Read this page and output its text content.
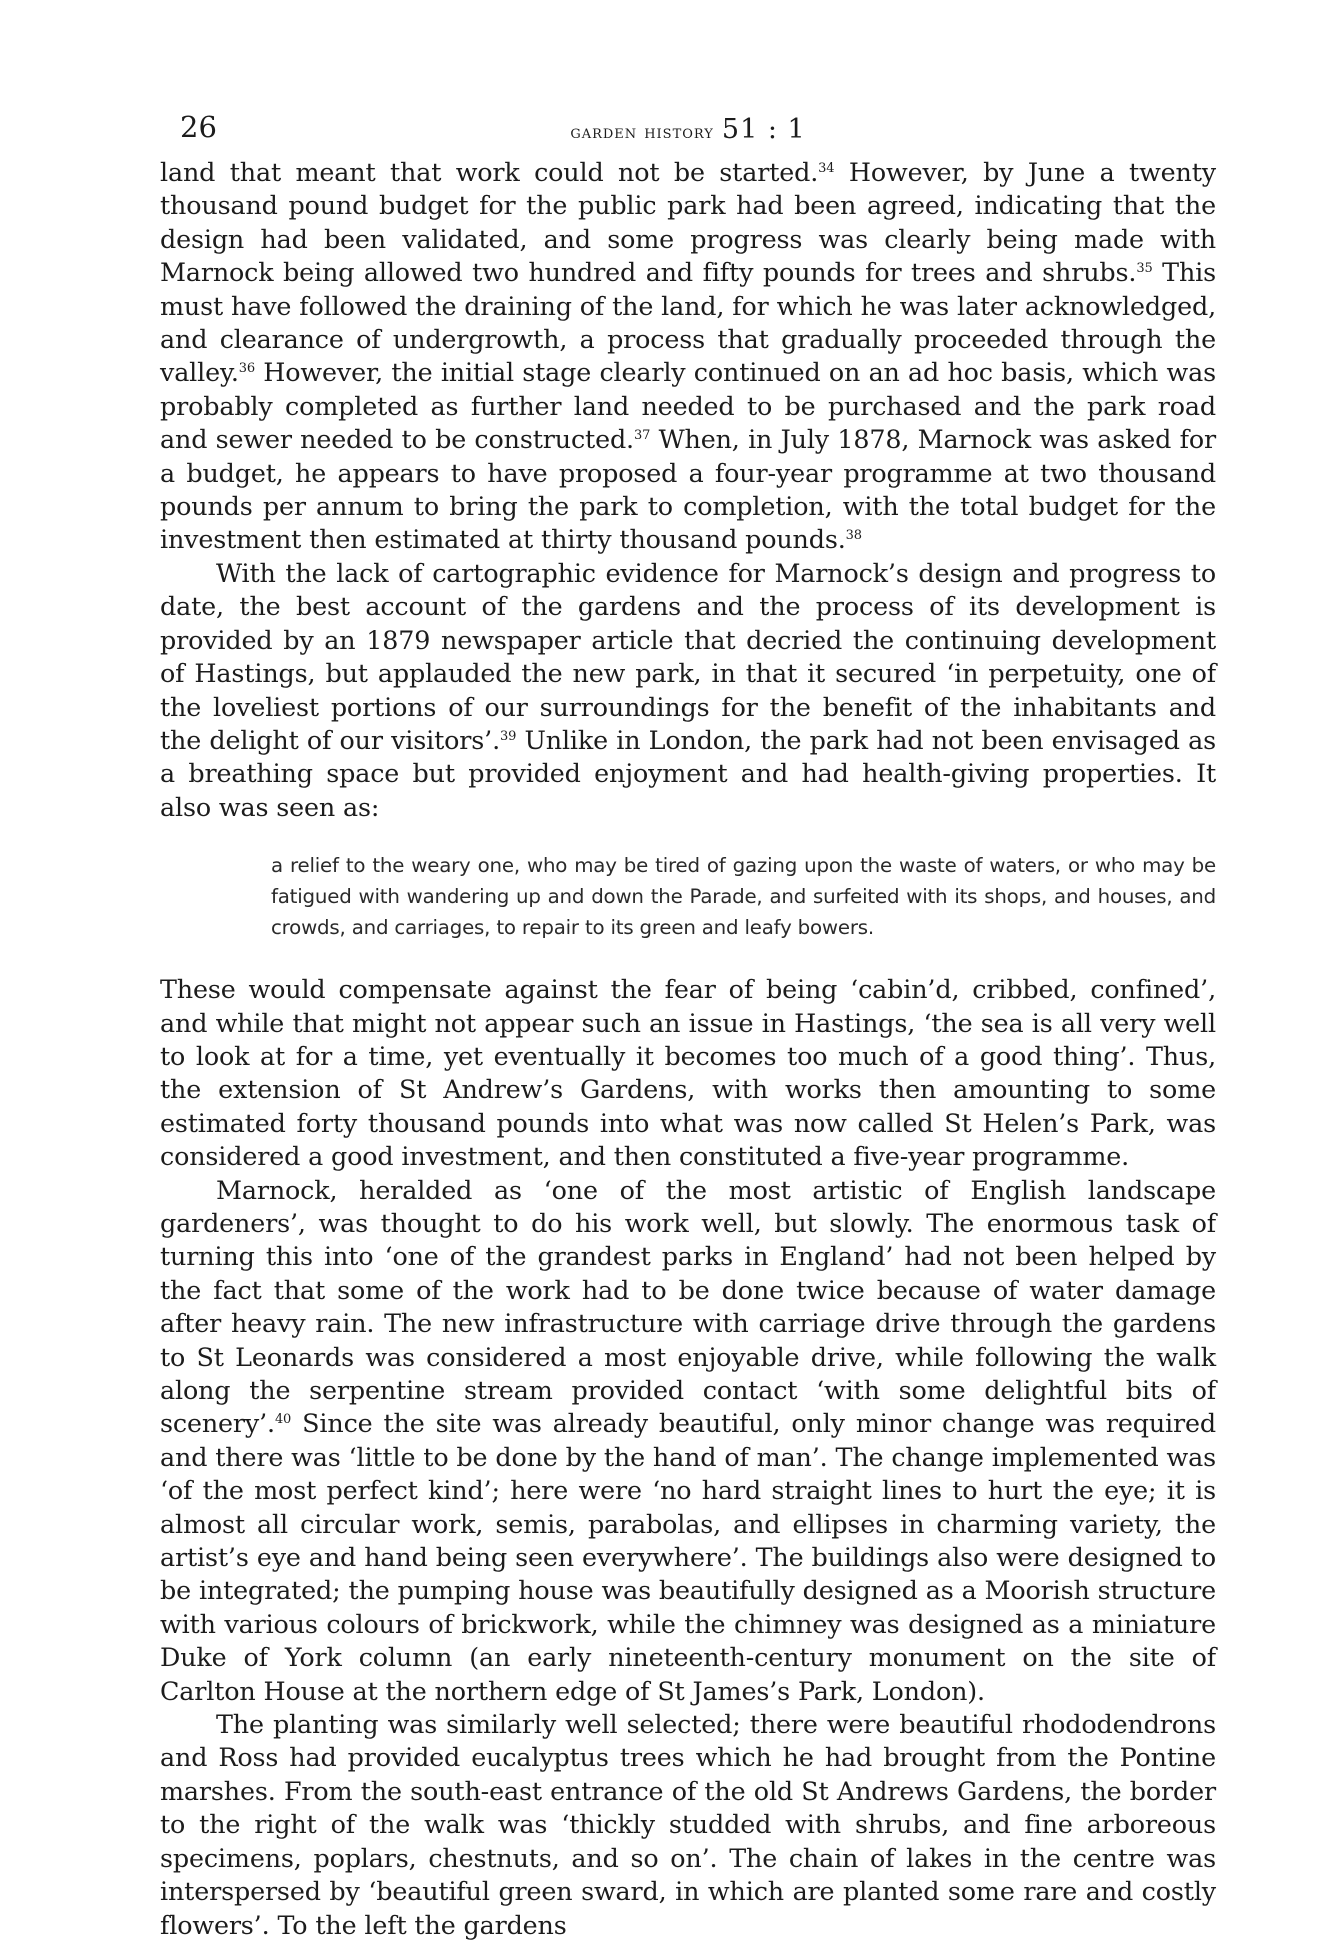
26	garden history 51 : 1

land that meant that work could not be started.$^{34}$ However, by June a twenty thousand pound budget for the public park had been agreed, indicating that the design had been validated, and some progress was clearly being made with Marnock being allowed two hundred and fifty pounds for trees and shrubs.$^{35}$ This must have followed the draining of the land, for which he was later acknowledged, and clearance of undergrowth, a process that gradually proceeded through the valley.$^{36}$ However, the initial stage clearly continued on an ad hoc basis, which was probably completed as further land needed to be purchased and the park road and sewer needed to be constructed.$^{37}$ When, in July 1878, Marnock was asked for a budget, he appears to have proposed a four-year programme at two thousand pounds per annum to bring the park to completion, with the total budget for the investment then estimated at thirty thousand pounds.$^{38}$

With the lack of cartographic evidence for Marnock’s design and progress to date, the best account of the gardens and the process of its development is provided by an 1879 newspaper article that decried the continuing development of Hastings, but applauded the new park, in that it secured ‘in perpetuity, one of the loveliest portions of our surroundings for the benefit of the inhabitants and the delight of our visitors’.$^{39}$ Unlike in London, the park had not been envisaged as a breathing space but provided enjoyment and had health-giving properties. It also was seen as:

a relief to the weary one, who may be tired of gazing upon the waste of waters, or who may be fatigued with wandering up and down the Parade, and surfeited with its shops, and houses, and crowds, and carriages, to repair to its green and leafy bowers.

These would compensate against the fear of being ‘cabin’d, cribbed, confined’, and while that might not appear such an issue in Hastings, ‘the sea is all very well to look at for a time, yet eventually it becomes too much of a good thing’. Thus, the extension of St Andrew’s Gardens, with works then amounting to some estimated forty thousand pounds into what was now called St Helen’s Park, was considered a good investment, and then constituted a five-year programme.

Marnock, heralded as ‘one of the most artistic of English landscape gardeners’, was thought to do his work well, but slowly. The enormous task of turning this into ‘one of the grandest parks in England’ had not been helped by the fact that some of the work had to be done twice because of water damage after heavy rain. The new infrastructure with carriage drive through the gardens to St Leonards was considered a most enjoyable drive, while following the walk along the serpentine stream provided contact ‘with some delightful bits of scenery’.$^{40}$ Since the site was already beautiful, only minor change was required and there was ‘little to be done by the hand of man’. The change implemented was ‘of the most perfect kind’; here were ‘no hard straight lines to hurt the eye; it is almost all circular work, semis, parabolas, and ellipses in charming variety, the artist’s eye and hand being seen everywhere’. The buildings also were designed to be integrated; the pumping house was beautifully designed as a Moorish structure with various colours of brickwork, while the chimney was designed as a miniature Duke of York column (an early nineteenth-century monument on the site of Carlton House at the northern edge of St James’s Park, London).

The planting was similarly well selected; there were beautiful rhododendrons and Ross had provided eucalyptus trees which he had brought from the Pontine marshes. From the south-east entrance of the old St Andrews Gardens, the border to the right of the walk was ‘thickly studded with shrubs, and fine arboreous specimens, poplars, chestnuts, and so on’. The chain of lakes in the centre was interspersed by ‘beautiful green sward, in which are planted some rare and costly flowers’. To the left the gardens
